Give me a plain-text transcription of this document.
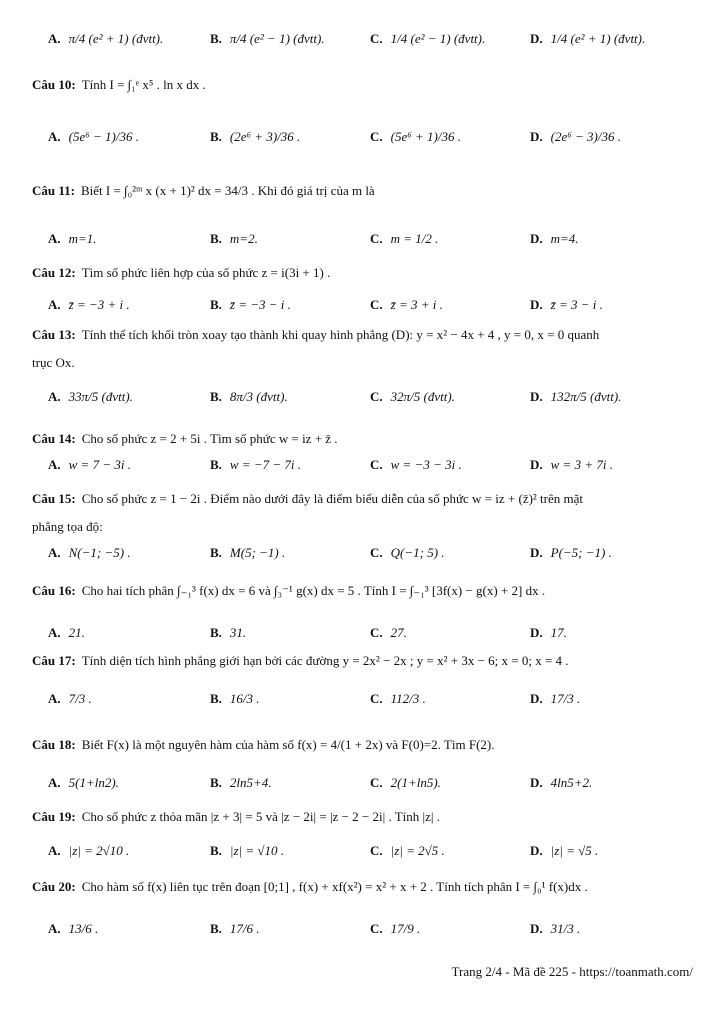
A. π/4 (e² + 1) (đvtt).	B. π/4 (e² − 1) (đvtt).	C. 1/4 (e² − 1) (đvtt).	D. 1/4 (e² + 1) (đvtt).
Câu 10: Tính I = ∫₁ᵉ x⁵ . ln x dx .
A. (5e⁶ − 1)/36 .	B. (2e⁶ + 3)/36 .	C. (5e⁶ + 1)/36 .	D. (2e⁶ − 3)/36 .
Câu 11: Biết I = ∫₀²ᵐ x (x + 1)² dx = 34/3 . Khi đó giá trị của m là
A. m=1.	B. m=2.	C. m = 1/2 .	D. m=4.
Câu 12: Tìm số phức liên hợp của số phức z = i(3i + 1) .
A. z̄ = −3 + i .	B. z̄ = −3 − i .	C. z̄ = 3 + i .	D. z̄ = 3 − i .
Câu 13: Tính thể tích khối tròn xoay tạo thành khi quay hình phẳng (D): y = x² − 4x + 4 , y = 0, x = 0 quanh
trục Ox.
A. 33π/5 (đvtt).	B. 8π/3 (đvtt).	C. 32π/5 (đvtt).	D. 132π/5 (đvtt).
Câu 14: Cho số phức z = 2 + 5i . Tìm số phức w = iz + z̄ .
A. w = 7 − 3i .	B. w = −7 − 7i .	C. w = −3 − 3i .	D. w = 3 + 7i .
Câu 15: Cho số phức z = 1 − 2i . Điểm nào dưới đây là điểm biểu diễn của số phức w = iz + (z̄)² trên mặt
phẳng tọa độ:
A. N(−1; −5) .	B. M(5; −1) .	C. Q(−1; 5) .	D. P(−5; −1) .
Câu 16: Cho hai tích phân ∫₋₁³ f(x) dx = 6 và ∫₃⁻¹ g(x) dx = 5 . Tính I = ∫₋₁³ [3f(x) − g(x) + 2] dx .
A. 21.	B. 31.	C. 27.	D. 17.
Câu 17: Tính diện tích hình phẳng giới hạn bởi các đường y = 2x² − 2x ; y = x² + 3x − 6; x = 0; x = 4 .
A. 7/3 .	B. 16/3 .	C. 112/3 .	D. 17/3 .
Câu 18: Biết F(x) là một nguyên hàm của hàm số f(x) = 4/(1 + 2x) và F(0)=2. Tìm F(2).
A. 5(1+ln2).	B. 2ln5+4.	C. 2(1+ln5).	D. 4ln5+2.
Câu 19: Cho số phức z thỏa mãn |z + 3| = 5 và |z − 2i| = |z − 2 − 2i| . Tính |z| .
A. |z| = 2√10 .	B. |z| = √10 .	C. |z| = 2√5 .	D. |z| = √5 .
Câu 20: Cho hàm số f(x) liên tục trên đoạn [0;1] , f(x) + xf(x²) = x² + x + 2 . Tính tích phân I = ∫₀¹ f(x)dx .
A. 13/6 .	B. 17/6 .	C. 17/9 .	D. 31/3 .
Trang 2/4 - Mã đề 225 - https://toanmath.com/
